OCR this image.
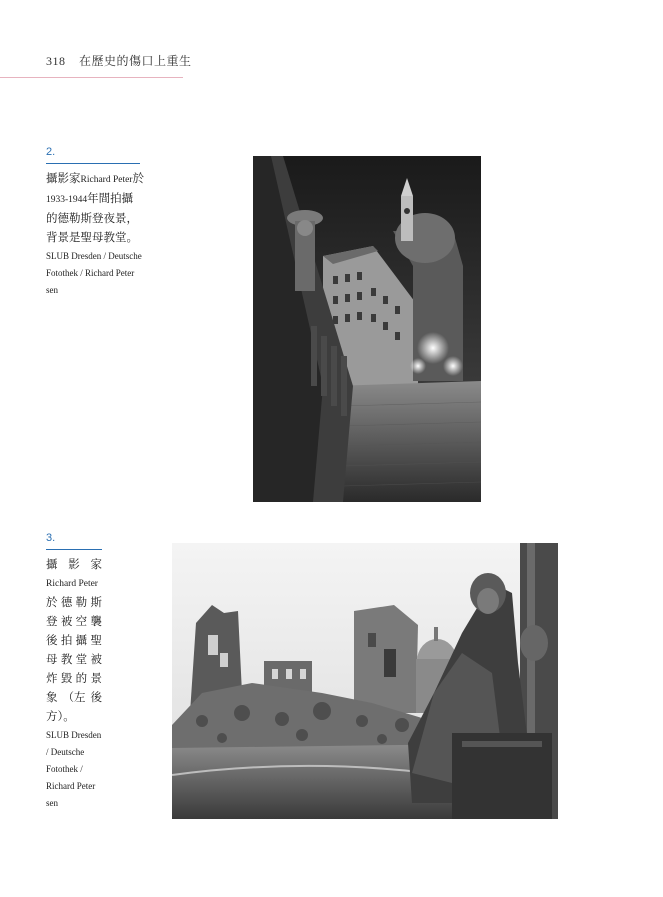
318 在歷史的傷口上重生
2.
攝影家Richard Peter於
1933-1944年間拍攝
的德勒斯登夜景，
背景是聖母教堂。
SLUB Dresden / Deutsche
Fotothek / Richard Peter sen
3.
攝 影 家
Richard Peter
於 德 勒 斯
登 被 空 襲
後 拍 攝 聖
母 教 堂 被
炸 毀 的 景
象 （左 後
方）。
SLUB Dresden
/ Deutsche
Fotothek /
Richard Peter
sen
